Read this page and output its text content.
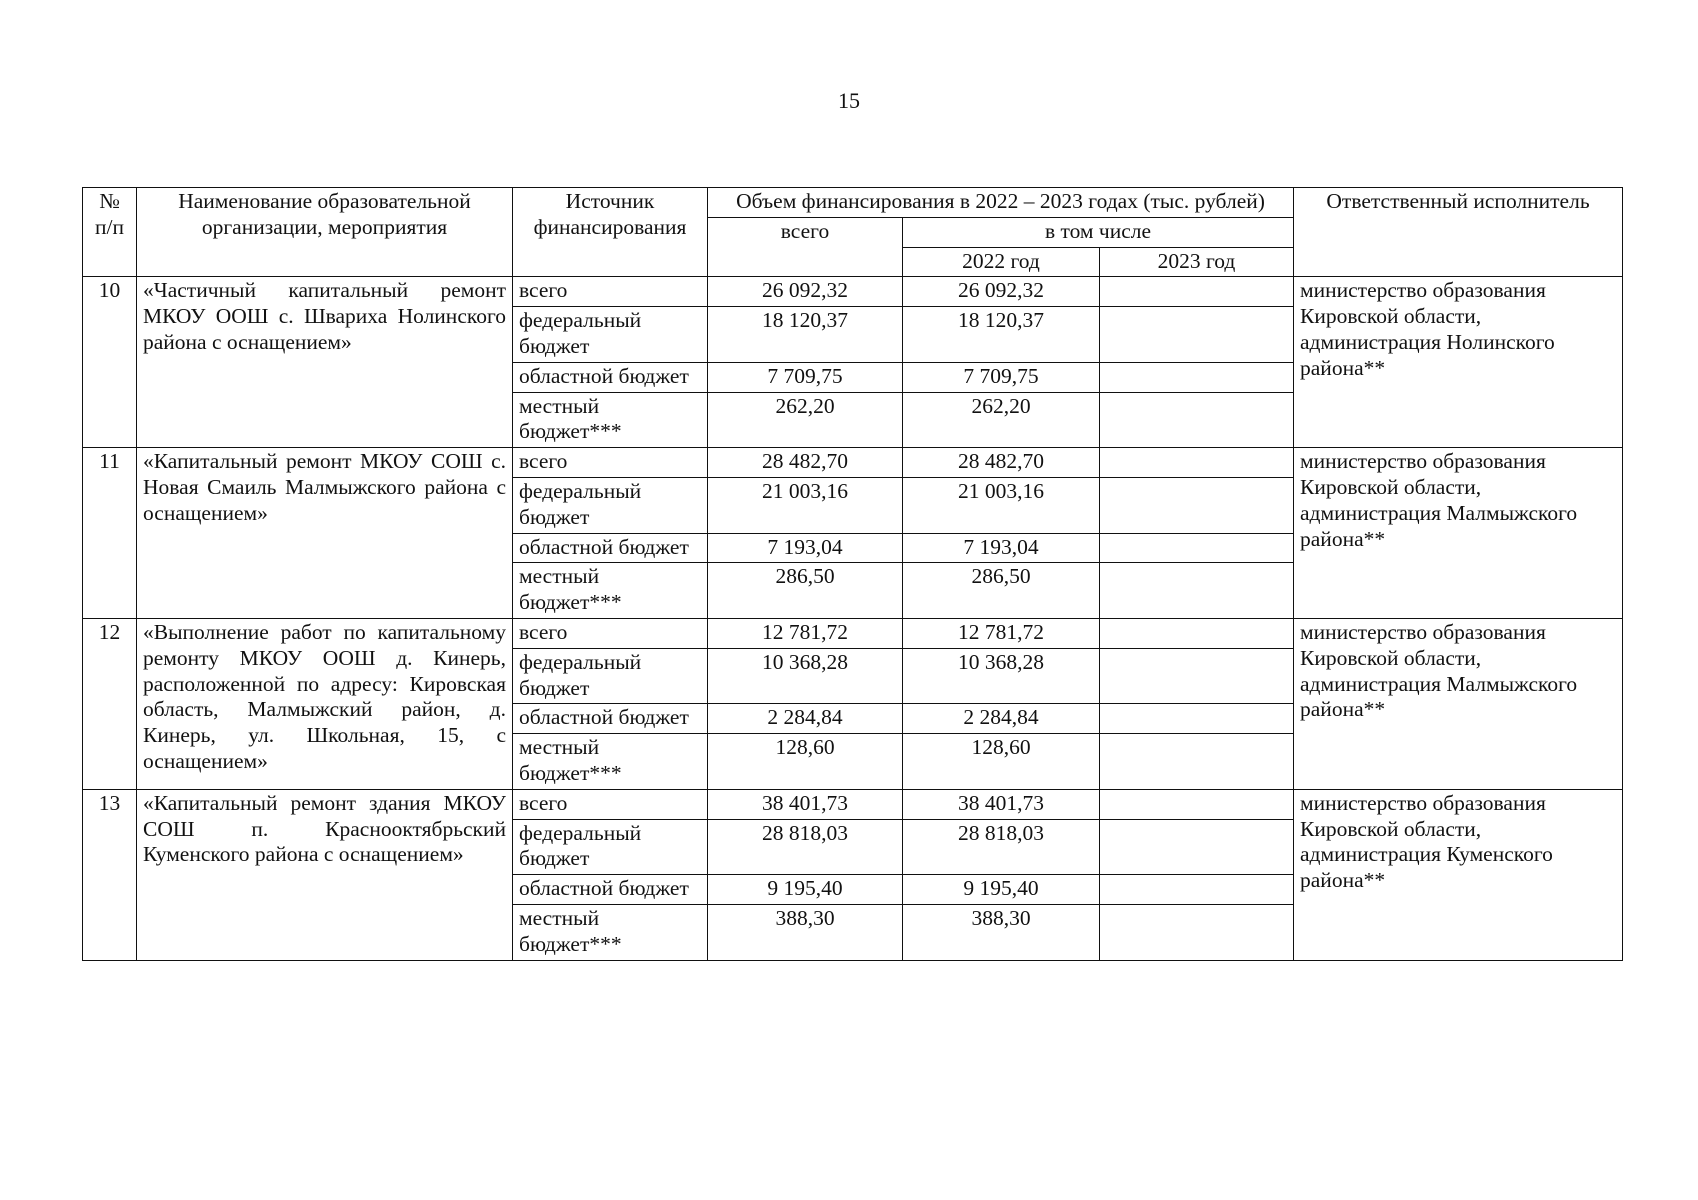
15
№ п/п	Наименование образовательной организации, мероприятия	Источник финансирования	Объем финансирования в 2022 – 2023 годах (тыс. рублей)			Ответственный исполнитель
			всего	в том числе		
				2022 год	2023 год	
10	«Частичный капитальный ремонт МКОУ ООШ с. Швариха Нолинского района с оснащением»	всего	26 092,32	26 092,32		министерство образования Кировской области, администрация Нолинского района**
		федеральный бюджет	18 120,37	18 120,37		
		областной бюджет	7 709,75	7 709,75		
		местный бюджет***	262,20	262,20		
11	«Капитальный ремонт МКОУ СОШ с. Новая Смаиль Малмыжского района с оснащением»	всего	28 482,70	28 482,70		министерство образования Кировской области, администрация Малмыжского района**
		федеральный бюджет	21 003,16	21 003,16		
		областной бюджет	7 193,04	7 193,04		
		местный бюджет***	286,50	286,50		
12	«Выполнение работ по капитальному ремонту МКОУ ООШ д. Кинерь, расположенной по адресу: Кировская область, Малмыжский район, д. Кинерь, ул. Школьная, 15, с оснащением»	всего	12 781,72	12 781,72		министерство образования Кировской области, администрация Малмыжского района**
		федеральный бюджет	10 368,28	10 368,28		
		областной бюджет	2 284,84	2 284,84		
		местный бюджет***	128,60	128,60		
13	«Капитальный ремонт здания МКОУ СОШ п. Краснооктябрьский Куменского района с оснащением»	всего	38 401,73	38 401,73		министерство образования Кировской области, администрация Куменского района**
		федеральный бюджет	28 818,03	28 818,03		
		областной бюджет	9 195,40	9 195,40		
		местный бюджет***	388,30	388,30		
